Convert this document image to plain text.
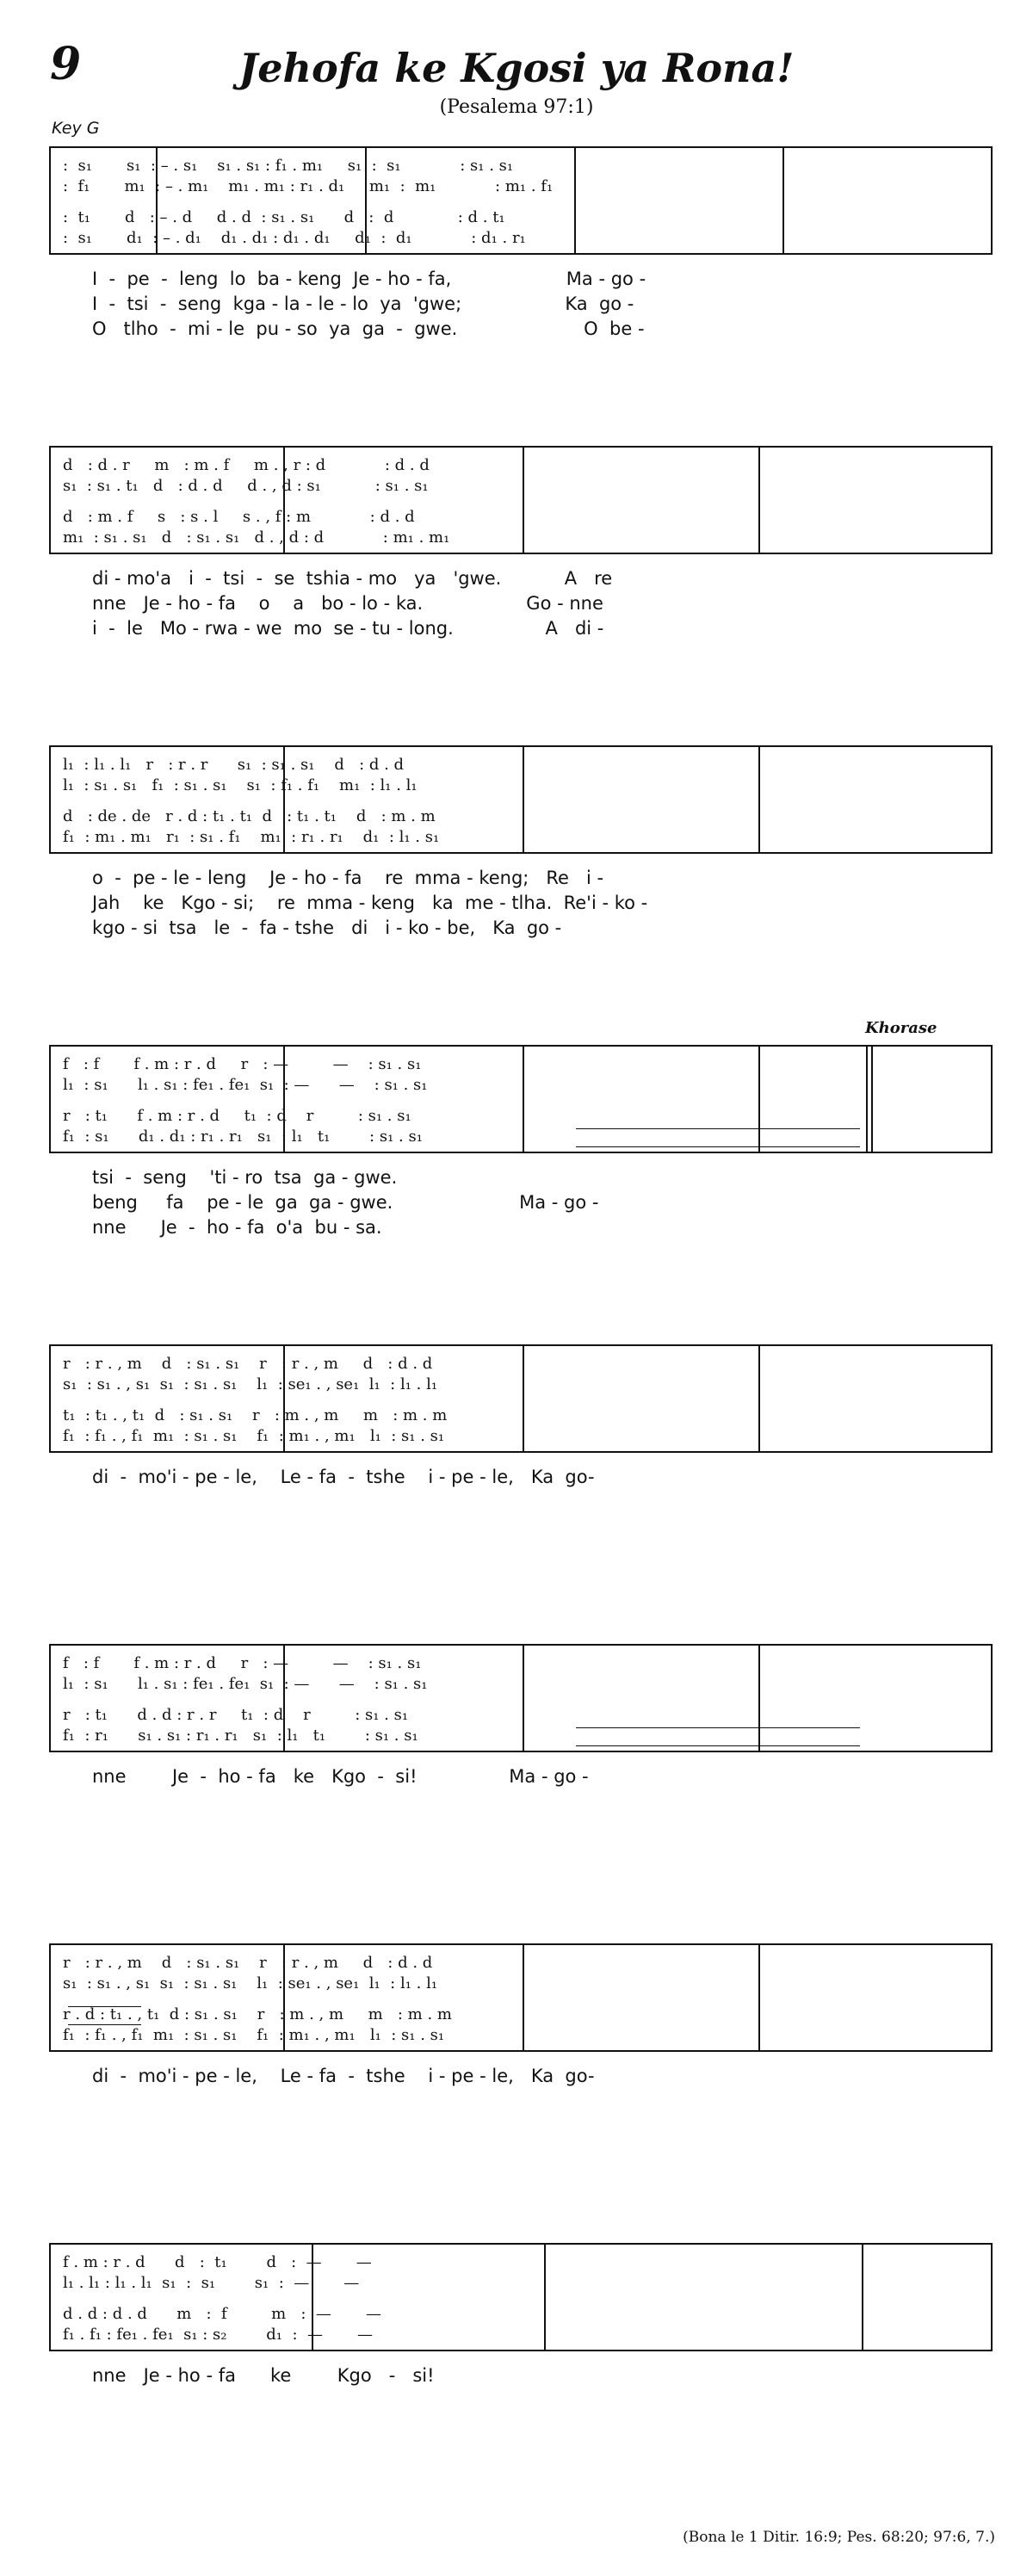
9	Jehofa ke Kgosi ya Rona!
(Pesalema 97:1)
Key G
Khorase
(Bona le 1 Ditir. 16:9; Pes. 68:20; 97:6, 7.)
:  s₁       s₁  : – . s₁    s₁ . s₁ : f₁ . m₁     s₁  :  s₁            : s₁ . s₁
:  f₁       m₁  : – . m₁    m₁ . m₁ : r₁ . d₁     m₁  :  m₁            : m₁ . f₁
:  t₁       d   : – . d     d . d  : s₁ . s₁      d   :  d             : d . t₁
:  s₁       d₁  : – . d₁    d₁ . d₁ : d₁ . d₁     d₁  :  d₁            : d₁ . r₁
I  -  pe  -  leng  lo  ba - keng  Je - ho - fa,                    Ma - go -
I  -  tsi  -  seng  kga - la - le - lo  ya  'gwe;                  Ka  go -
O   tlho  -  mi - le  pu - so  ya  ga  -  gwe.                      O  be -
d   : d . r     m   : m . f     m . , r : d            : d . d
s₁  : s₁ . t₁   d   : d . d     d . , d : s₁           : s₁ . s₁
d   : m . f     s   : s . l     s . , f : m            : d . d
m₁  : s₁ . s₁   d   : s₁ . s₁   d . , d : d            : m₁ . m₁
di - mo'a   i  -  tsi  -  se  tshia - mo   ya   'gwe.           A   re
nne   Je - ho - fa    o    a   bo - lo - ka.                  Go - nne
i  -  le   Mo - rwa - we  mo  se - tu - long.                A   di -
l₁  : l₁ . l₁   r   : r . r      s₁  : s₁ . s₁    d   : d . d
l₁  : s₁ . s₁   f₁  : s₁ . s₁    s₁  : f₁ . f₁    m₁  : l₁ . l₁
d   : de . de   r . d : t₁ . t₁  d   : t₁ . t₁    d   : m . m
f₁  : m₁ . m₁   r₁  : s₁ . f₁    m₁  : r₁ . r₁    d₁  : l₁ . s₁
o  -  pe - le - leng    Je - ho - fa    re  mma - keng;   Re   i -
Jah    ke   Kgo - si;    re  mma - keng   ka  me - tlha.  Re'i - ko -
kgo - si  tsa   le  -  fa - tshe   di   i - ko - be,   Ka  go -
f   : f       f . m : r . d     r   : —         —    : s₁ . s₁
l₁  : s₁      l₁ . s₁ : fe₁ . fe₁  s₁  : —      —    : s₁ . s₁
r   : t₁      f . m : r . d     t₁  : d    r         : s₁ . s₁
f₁  : s₁      d₁ . d₁ : r₁ . r₁   s₁  : l₁   t₁        : s₁ . s₁
tsi  -  seng    'ti - ro  tsa  ga - gwe.
beng     fa    pe - le  ga  ga - gwe.                      Ma - go -
nne      Je  -  ho - fa  o'a  bu - sa.
r   : r . , m    d   : s₁ . s₁    r   : r . , m     d   : d . d
s₁  : s₁ . , s₁  s₁  : s₁ . s₁    l₁  : se₁ . , se₁  l₁  : l₁ . l₁
t₁  : t₁ . , t₁  d   : s₁ . s₁    r   : m . , m     m   : m . m
f₁  : f₁ . , f₁  m₁  : s₁ . s₁    f₁  : m₁ . , m₁   l₁  : s₁ . s₁
di  -  mo'i - pe - le,    Le - fa  -  tshe    i - pe - le,   Ka  go-
f   : f       f . m : r . d     r   : —         —    : s₁ . s₁
l₁  : s₁      l₁ . s₁ : fe₁ . fe₁  s₁  : —      —    : s₁ . s₁
r   : t₁      d . d : r . r     t₁  : d    r         : s₁ . s₁
f₁  : r₁      s₁ . s₁ : r₁ . r₁   s₁  : l₁   t₁        : s₁ . s₁
nne        Je  -  ho - fa   ke   Kgo  -  si!                Ma - go -
r   : r . , m    d   : s₁ . s₁    r   : r . , m     d   : d . d
s₁  : s₁ . , s₁  s₁  : s₁ . s₁    l₁  : se₁ . , se₁  l₁  : l₁ . l₁
r . d : t₁ . , t₁  d : s₁ . s₁    r   : m . , m     m   : m . m
f₁  : f₁ . , f₁  m₁  : s₁ . s₁    f₁  : m₁ . , m₁   l₁  : s₁ . s₁
di  -  mo'i - pe - le,    Le - fa  -  tshe    i - pe - le,   Ka  go-
f . m : r . d      d   :  t₁        d   :  —       —
l₁ . l₁ : l₁ . l₁  s₁  :  s₁        s₁  :  —       —
d . d : d . d      m   :  f         m   :  —       —
f₁ . f₁ : fe₁ . fe₁  s₁ : s₂        d₁  :  —       —
nne   Je - ho - fa      ke        Kgo   -   si!
